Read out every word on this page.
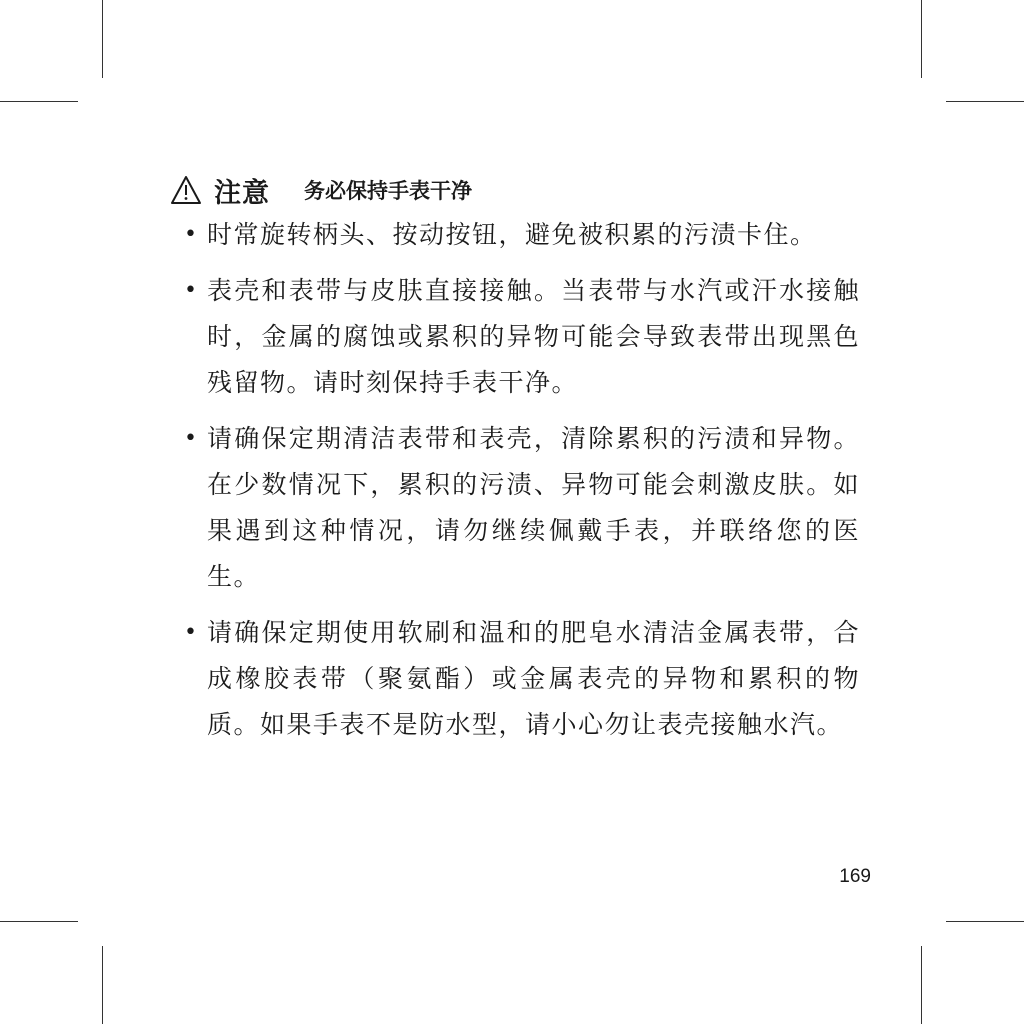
注意 务必保持手表干净
• 时常旋转柄头、按动按钮，避免被积累的污渍卡住。
• 表壳和表带与皮肤直接接触。当表带与水汽或汗水接触时，金属的腐蚀或累积的异物可能会导致表带出现黑色残留物。请时刻保持手表干净。
• 请确保定期清洁表带和表壳，清除累积的污渍和异物。在少数情况下，累积的污渍、异物可能会刺激皮肤。如果遇到这种情况，请勿继续佩戴手表，并联络您的医生。
• 请确保定期使用软刷和温和的肥皂水清洁金属表带，合成橡胶表带（聚氨酯）或金属表壳的异物和累积的物质。如果手表不是防水型，请小心勿让表壳接触水汽。
169
